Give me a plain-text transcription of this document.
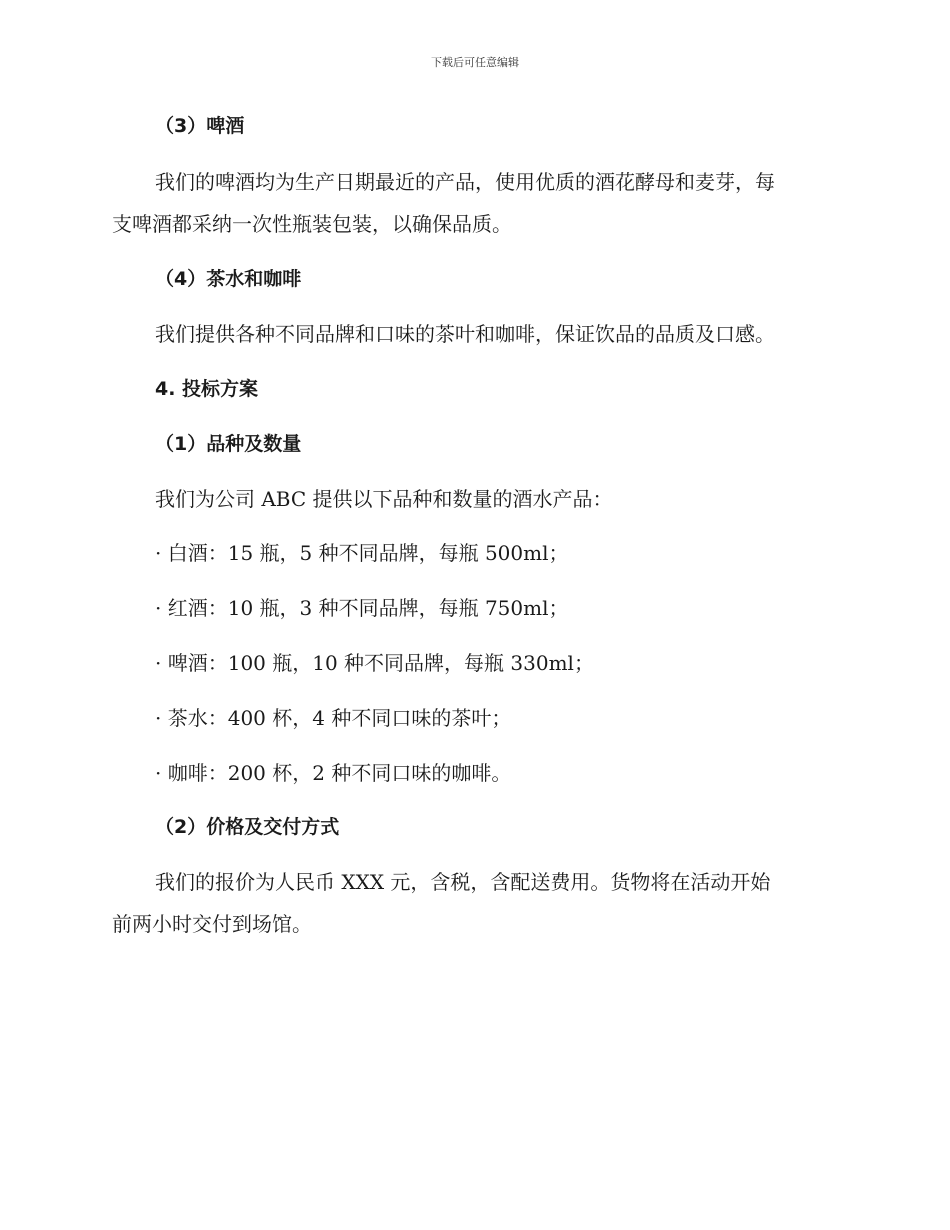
下载后可任意编辑
（3）啤酒
我们的啤酒均为生产日期最近的产品，使用优质的酒花酵母和麦芽，每
支啤酒都采纳一次性瓶装包装，以确保品质。
（4）茶水和咖啡
我们提供各种不同品牌和口味的茶叶和咖啡，保证饮品的品质及口感。
4. 投标方案
（1）品种及数量
我们为公司 ABC 提供以下品种和数量的酒水产品：
· 白酒：15 瓶，5 种不同品牌，每瓶 500ml；
· 红酒：10 瓶，3 种不同品牌，每瓶 750ml；
· 啤酒：100 瓶，10 种不同品牌，每瓶 330ml；
· 茶水：400 杯，4 种不同口味的茶叶；
· 咖啡：200 杯，2 种不同口味的咖啡。
（2）价格及交付方式
我们的报价为人民币 XXX 元，含税，含配送费用。货物将在活动开始
前两小时交付到场馆。
